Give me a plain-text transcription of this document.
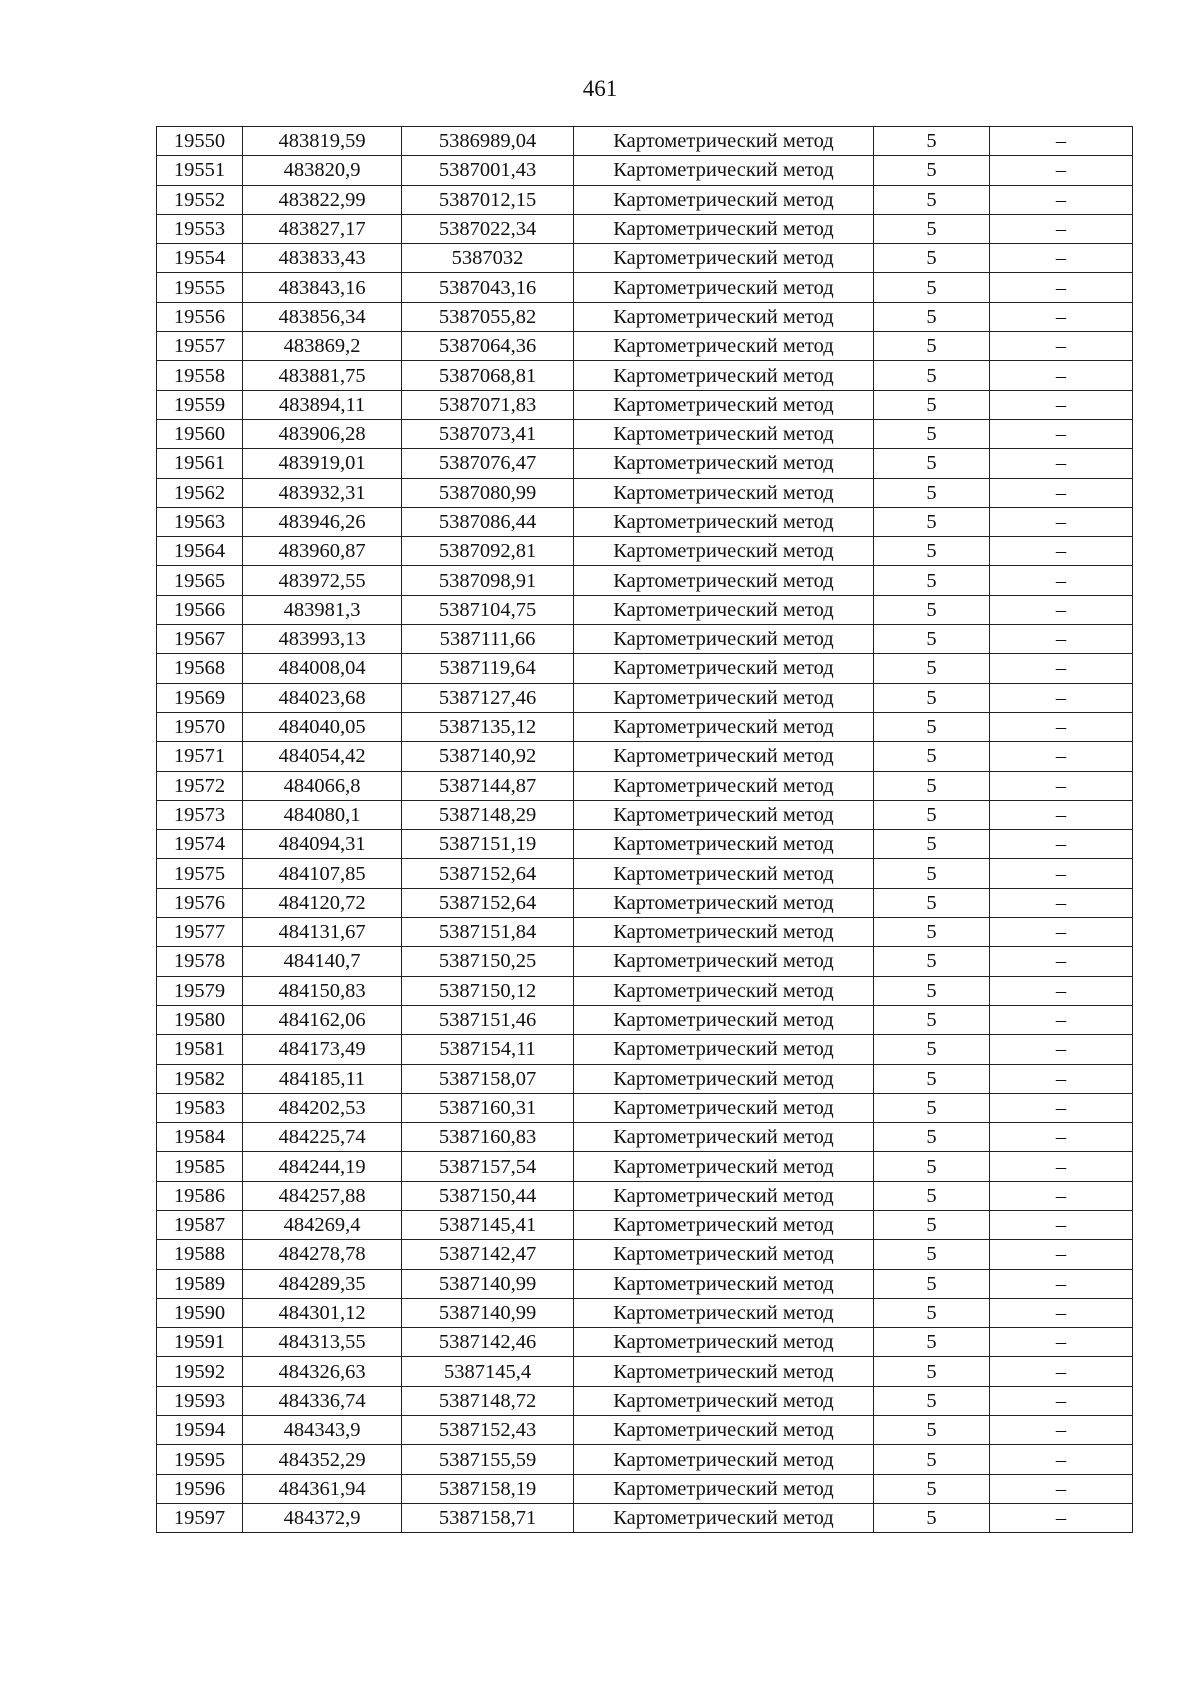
461
19550	483819,59	5386989,04	Картометрический метод	5	–
19551	483820,9	5387001,43	Картометрический метод	5	–
19552	483822,99	5387012,15	Картометрический метод	5	–
19553	483827,17	5387022,34	Картометрический метод	5	–
19554	483833,43	5387032	Картометрический метод	5	–
19555	483843,16	5387043,16	Картометрический метод	5	–
19556	483856,34	5387055,82	Картометрический метод	5	–
19557	483869,2	5387064,36	Картометрический метод	5	–
19558	483881,75	5387068,81	Картометрический метод	5	–
19559	483894,11	5387071,83	Картометрический метод	5	–
19560	483906,28	5387073,41	Картометрический метод	5	–
19561	483919,01	5387076,47	Картометрический метод	5	–
19562	483932,31	5387080,99	Картометрический метод	5	–
19563	483946,26	5387086,44	Картометрический метод	5	–
19564	483960,87	5387092,81	Картометрический метод	5	–
19565	483972,55	5387098,91	Картометрический метод	5	–
19566	483981,3	5387104,75	Картометрический метод	5	–
19567	483993,13	5387111,66	Картометрический метод	5	–
19568	484008,04	5387119,64	Картометрический метод	5	–
19569	484023,68	5387127,46	Картометрический метод	5	–
19570	484040,05	5387135,12	Картометрический метод	5	–
19571	484054,42	5387140,92	Картометрический метод	5	–
19572	484066,8	5387144,87	Картометрический метод	5	–
19573	484080,1	5387148,29	Картометрический метод	5	–
19574	484094,31	5387151,19	Картометрический метод	5	–
19575	484107,85	5387152,64	Картометрический метод	5	–
19576	484120,72	5387152,64	Картометрический метод	5	–
19577	484131,67	5387151,84	Картометрический метод	5	–
19578	484140,7	5387150,25	Картометрический метод	5	–
19579	484150,83	5387150,12	Картометрический метод	5	–
19580	484162,06	5387151,46	Картометрический метод	5	–
19581	484173,49	5387154,11	Картометрический метод	5	–
19582	484185,11	5387158,07	Картометрический метод	5	–
19583	484202,53	5387160,31	Картометрический метод	5	–
19584	484225,74	5387160,83	Картометрический метод	5	–
19585	484244,19	5387157,54	Картометрический метод	5	–
19586	484257,88	5387150,44	Картометрический метод	5	–
19587	484269,4	5387145,41	Картометрический метод	5	–
19588	484278,78	5387142,47	Картометрический метод	5	–
19589	484289,35	5387140,99	Картометрический метод	5	–
19590	484301,12	5387140,99	Картометрический метод	5	–
19591	484313,55	5387142,46	Картометрический метод	5	–
19592	484326,63	5387145,4	Картометрический метод	5	–
19593	484336,74	5387148,72	Картометрический метод	5	–
19594	484343,9	5387152,43	Картометрический метод	5	–
19595	484352,29	5387155,59	Картометрический метод	5	–
19596	484361,94	5387158,19	Картометрический метод	5	–
19597	484372,9	5387158,71	Картометрический метод	5	–
